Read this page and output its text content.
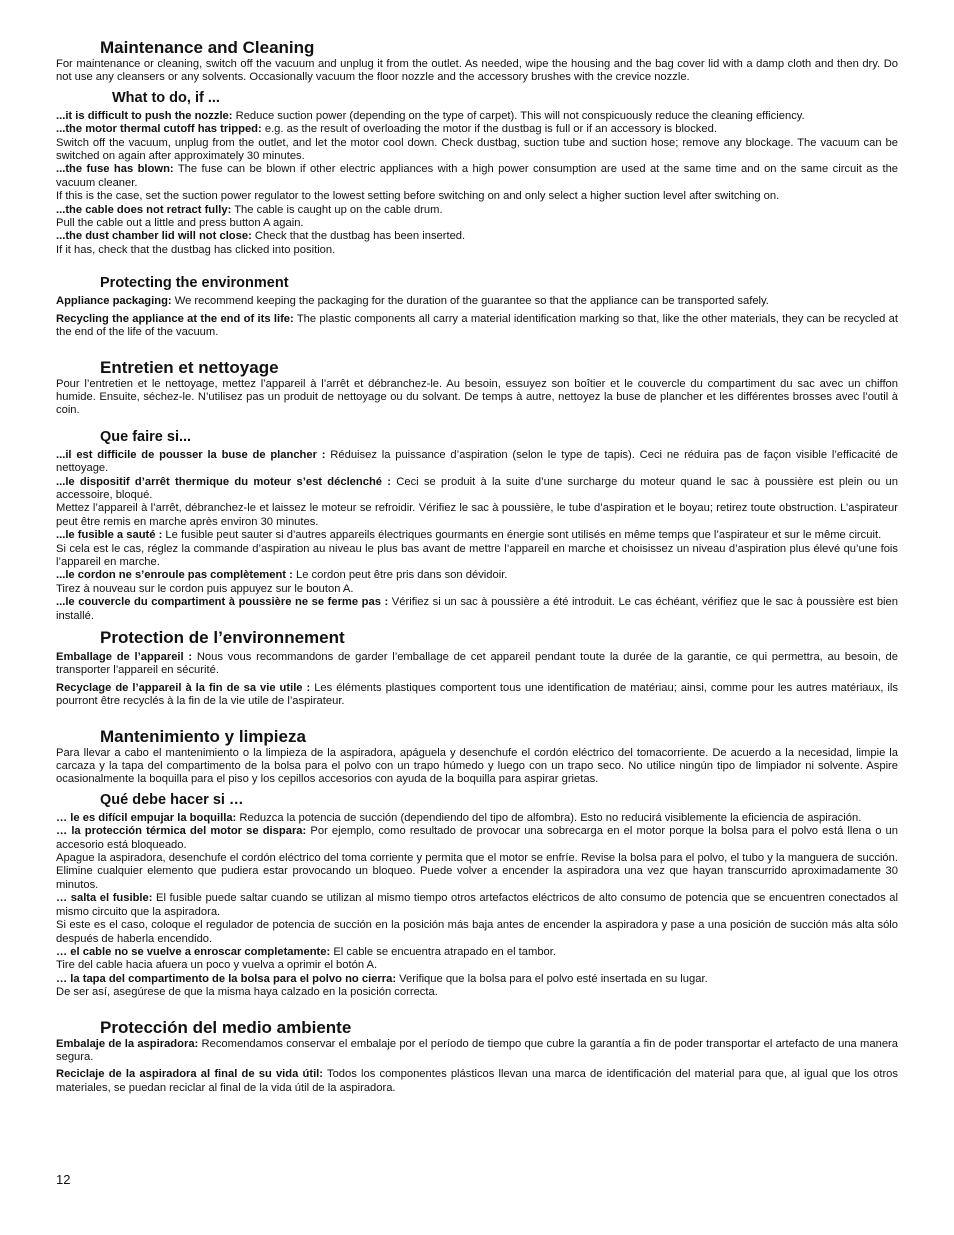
Maintenance and Cleaning

For maintenance or cleaning, switch off the vacuum and unplug it from the outlet. As needed, wipe the housing and the bag cover lid with a damp cloth and then dry. Do not use any cleansers or any solvents. Occasionally vacuum the floor nozzle and the accessory brushes with the crevice nozzle.

What to do, if ...

...it is difficult to push the nozzle: Reduce suction power (depending on the type of carpet). This will not conspicuously reduce the cleaning efficiency.

...the motor thermal cutoff has tripped: e.g. as the result of overloading the motor if the dustbag is full or if an accessory is blocked.

Switch off the vacuum, unplug from the outlet, and let the motor cool down. Check dustbag, suction tube and suction hose; remove any blockage. The vacuum can be switched on again after approximately 30 minutes.

...the fuse has blown: The fuse can be blown if other electric appliances with a high power consumption are used at the same time and on the same circuit as the vacuum cleaner.

If this is the case, set the suction power regulator to the lowest setting before switching on and only select a higher suction level after switching on.

...the cable does not retract fully: The cable is caught up on the cable drum.

Pull the cable out a little and press button A again.

...the dust chamber lid will not close: Check that the dustbag has been inserted.

If it has, check that the dustbag has clicked into position.

Protecting the environment

Appliance packaging: We recommend keeping the packaging for the duration of the guarantee so that the appliance can be transported safely.

Recycling the appliance at the end of its life: The plastic components all carry a material identification marking so that, like the other materials, they can be recycled at the end of the life of the vacuum.

Entretien et nettoyage

Pour l’entretien et le nettoyage, mettez l’appareil à l’arrêt et débranchez-le. Au besoin, essuyez son boîtier et le couvercle du compartiment du sac avec un chiffon humide. Ensuite, séchez-le. N’utilisez pas un produit de nettoyage ou du solvant. De temps à autre, nettoyez la buse de plancher et les différentes brosses avec l’outil à coin.

Que faire si...

...il est difficile de pousser la buse de plancher : Réduisez la puissance d’aspiration (selon le type de tapis). Ceci ne réduira pas de façon visible l’efficacité de nettoyage.

...le dispositif d’arrêt thermique du moteur s’est déclenché : Ceci se produit à la suite d’une surcharge du moteur quand le sac à poussière est plein ou un accessoire, bloqué.

Mettez l’appareil à l’arrêt, débranchez-le et laissez le moteur se refroidir. Vérifiez le sac à poussière, le tube d’aspiration et le boyau; retirez toute obstruction. L’aspirateur peut être remis en marche après environ 30 minutes.

...le fusible a sauté : Le fusible peut sauter si d’autres appareils électriques gourmants en énergie sont utilisés en même temps que l’aspirateur et sur le même circuit.

Si cela est le cas, réglez la commande d’aspiration au niveau le plus bas avant de mettre l’appareil en marche et choisissez un niveau d’aspiration plus élevé qu’une fois l’appareil en marche.

...le cordon ne s’enroule pas complètement : Le cordon peut être pris dans son dévidoir.

Tirez à nouveau sur le cordon puis appuyez sur le bouton A.

...le couvercle du compartiment à poussière ne se ferme pas : Vérifiez si un sac à poussière a été introduit. Le cas échéant, vérifiez que le sac à poussière est bien installé.

Protection de l’environnement

Emballage de l’appareil : Nous vous recommandons de garder l’emballage de cet appareil pendant toute la durée de la garantie, ce qui permettra, au besoin, de transporter l’appareil en sécurité.

Recyclage de l’appareil à la fin de sa vie utile : Les éléments plastiques comportent tous une identification de matériau; ainsi, comme pour les autres matériaux, ils pourront être recyclés à la fin de la vie utile de l’aspirateur.

Mantenimiento y limpieza

Para llevar a cabo el mantenimiento o la limpieza de la aspiradora, apáguela y desenchufe el cordón eléctrico del tomacorriente. De acuerdo a la necesidad, limpie la carcaza y la tapa del compartimento de la bolsa para el polvo con un trapo húmedo y luego con un trapo seco. No utilice ningún tipo de limpiador ni solvente. Aspire ocasionalmente la boquilla para el piso y los cepillos accesorios con ayuda de la boquilla para aspirar grietas.

Qué debe hacer si …

… le es difícil empujar la boquilla: Reduzca la potencia de succión (dependiendo del tipo de alfombra). Esto no reducirá visiblemente la eficiencia de aspiración.

… la protección térmica del motor se dispara: Por ejemplo, como resultado de provocar una sobrecarga en el motor porque la bolsa para el polvo está llena o un accesorio está bloqueado.

Apague la aspiradora, desenchufe el cordón eléctrico del toma corriente y permita que el motor se enfríe. Revise la bolsa para el polvo, el tubo y la manguera de succión. Elimine cualquier elemento que pudiera estar provocando un bloqueo. Puede volver a encender la aspiradora una vez que hayan transcurrido aproximadamente 30 minutos.

… salta el fusible: El fusible puede saltar cuando se utilizan al mismo tiempo otros artefactos eléctricos de alto consumo de potencia que se encuentren conectados al mismo circuito que la aspiradora.

Si este es el caso, coloque el regulador de potencia de succión en la posición más baja antes de encender la aspiradora y pase a una posición de succión más alta sólo después de haberla encendido.

… el cable no se vuelve a enroscar completamente: El cable se encuentra atrapado en el tambor.

Tire del cable hacia afuera un poco y vuelva a oprimir el botón A.

… la tapa del compartimento de la bolsa para el polvo no cierra: Verifique que la bolsa para el polvo esté insertada en su lugar.

De ser así, asegúrese de que la misma haya calzado en la posición correcta.

Protección del medio ambiente

Embalaje de la aspiradora: Recomendamos conservar el embalaje por el período de tiempo que cubre la garantía a fin de poder transportar el artefacto de una manera segura.

Reciclaje de la aspiradora al final de su vida útil: Todos los componentes plásticos llevan una marca de identificación del material para que, al igual que los otros materiales, se puedan reciclar al final de la vida útil de la aspiradora.

12
